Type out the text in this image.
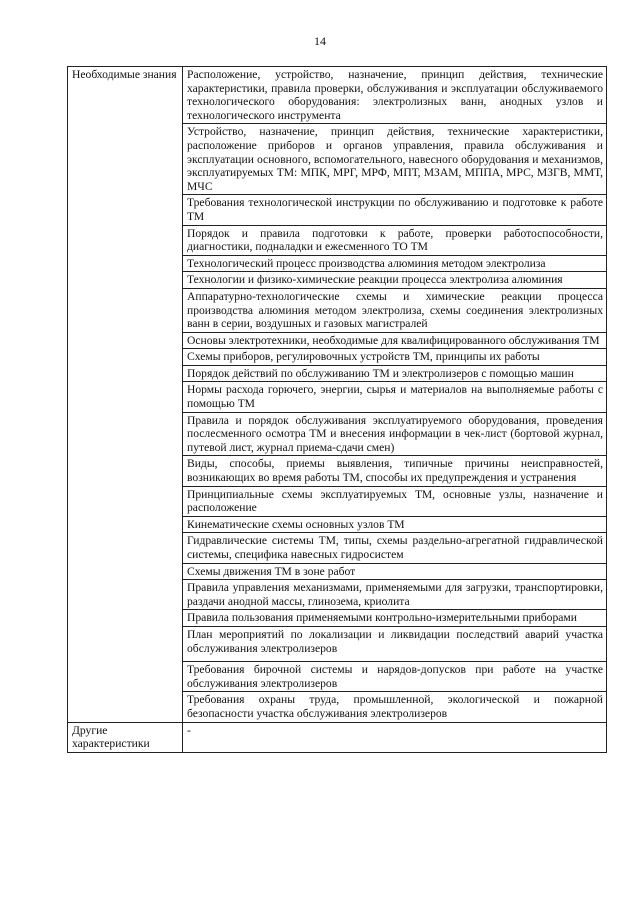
14
Необходимые знания	Расположение, устройство, назначение, принцип действия, технические характеристики, правила проверки, обслуживания и эксплуатации обслуживаемого технологического оборудования: электролизных ванн, анодных узлов и технологического инструмента
	Устройство, назначение, принцип действия, технические характеристики, расположение приборов и органов управления, правила обслуживания и эксплуатации основного, вспомогательного, навесного оборудования и механизмов, эксплуатируемых ТМ: МПК, МРГ, МРФ, МПТ, МЗАМ, МППА, МРС, МЗГВ, ММТ, МЧС
	Требования технологической инструкции по обслуживанию и подготовке к работе ТМ
	Порядок и правила подготовки к работе, проверки работоспособности, диагностики, подналадки и ежесменного ТО ТМ
	Технологический процесс производства алюминия методом электролиза
	Технологии и физико-химические реакции процесса электролиза алюминия
	Аппаратурно-технологические схемы и химические реакции процесса производства алюминия методом электролиза, схемы соединения электролизных ванн в серии, воздушных и газовых магистралей
	Основы электротехники, необходимые для квалифицированного обслуживания ТМ
	Схемы приборов, регулировочных устройств ТМ, принципы их работы
	Порядок действий по обслуживанию ТМ и электролизеров с помощью машин
	Нормы расхода горючего, энергии, сырья и материалов на выполняемые работы с помощью ТМ
	Правила и порядок обслуживания эксплуатируемого оборудования, проведения послесменного осмотра ТМ и внесения информации в чек-лист (бортовой журнал, путевой лист, журнал приема-сдачи смен)
	Виды, способы, приемы выявления, типичные причины неисправностей, возникающих во время работы ТМ, способы их предупреждения и устранения
	Принципиальные схемы эксплуатируемых ТМ, основные узлы, назначение и расположение
	Кинематические схемы основных узлов ТМ
	Гидравлические системы ТМ, типы, схемы раздельно-агрегатной гидравлической системы, специфика навесных гидросистем
	Схемы движения ТМ в зоне работ
	Правила управления механизмами, применяемыми для загрузки, транспортировки, раздачи анодной массы, глинозема, криолита
	Правила пользования применяемыми контрольно-измерительными приборами
	План мероприятий по локализации и ликвидации последствий аварий участка обслуживания электролизеров
	Требования бирочной системы и нарядов-допусков при работе на участке обслуживания электролизеров
	Требования охраны труда, промышленной, экологической и пожарной безопасности участка обслуживания электролизеров
Другие характеристики	-
